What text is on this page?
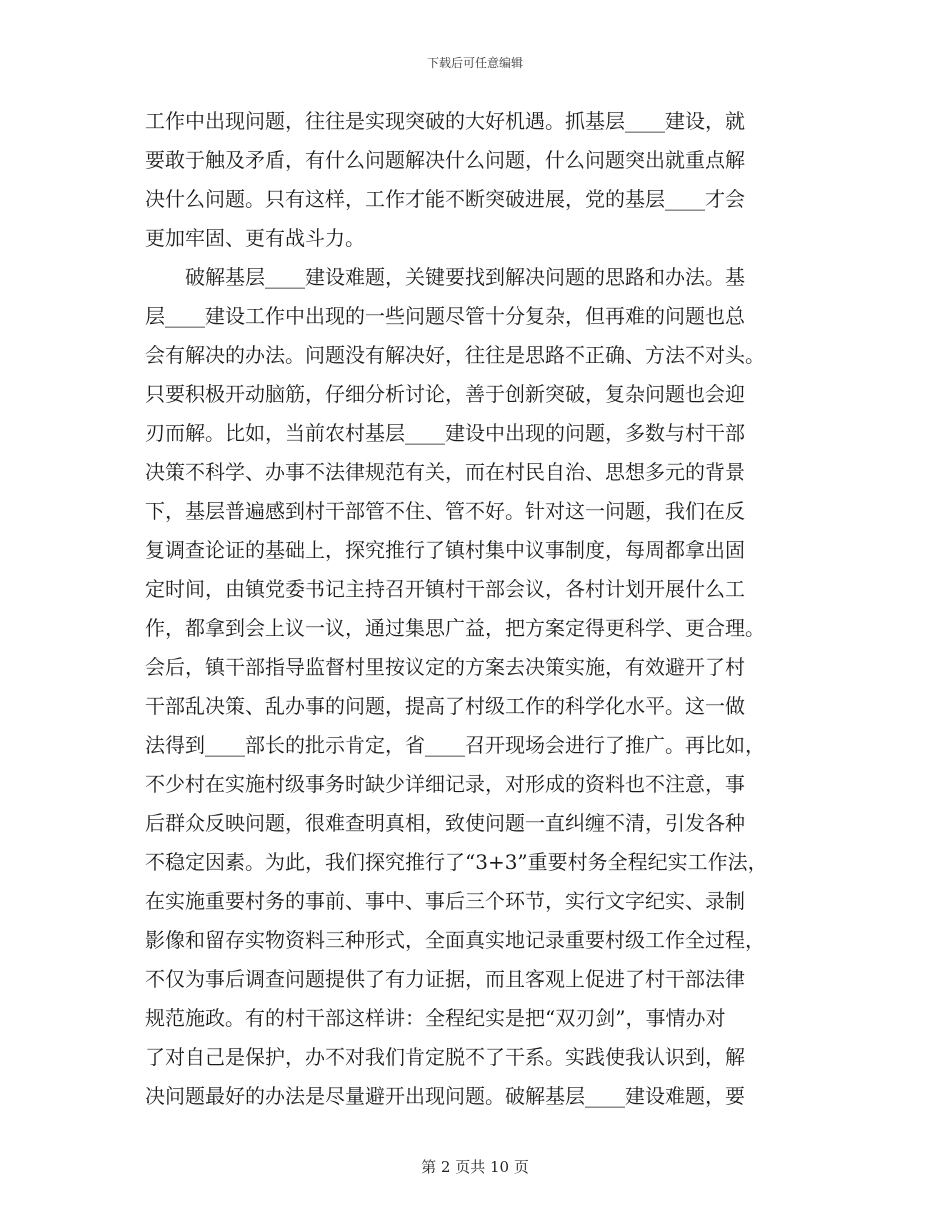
下载后可任意编辑
工作中出现问题，往往是实现突破的大好机遇。抓基层____建设，就
要敢于触及矛盾，有什么问题解决什么问题，什么问题突出就重点解
决什么问题。只有这样，工作才能不断突破进展，党的基层____才会
更加牢固、更有战斗力。
破解基层____建设难题，关键要找到解决问题的思路和办法。基
层____建设工作中出现的一些问题尽管十分复杂，但再难的问题也总
会有解决的办法。问题没有解决好，往往是思路不正确、方法不对头。
只要积极开动脑筋，仔细分析讨论，善于创新突破，复杂问题也会迎
刃而解。比如，当前农村基层____建设中出现的问题，多数与村干部
决策不科学、办事不法律规范有关，而在村民自治、思想多元的背景
下，基层普遍感到村干部管不住、管不好。针对这一问题，我们在反
复调查论证的基础上，探究推行了镇村集中议事制度，每周都拿出固
定时间，由镇党委书记主持召开镇村干部会议，各村计划开展什么工
作，都拿到会上议一议，通过集思广益，把方案定得更科学、更合理。
会后，镇干部指导监督村里按议定的方案去决策实施，有效避开了村
干部乱决策、乱办事的问题，提高了村级工作的科学化水平。这一做
法得到____部长的批示肯定，省____召开现场会进行了推广。再比如，
不少村在实施村级事务时缺少详细记录，对形成的资料也不注意，事
后群众反映问题，很难查明真相，致使问题一直纠缠不清，引发各种
不稳定因素。为此，我们探究推行了“3+3”重要村务全程纪实工作法，
在实施重要村务的事前、事中、事后三个环节，实行文字纪实、录制
影像和留存实物资料三种形式，全面真实地记录重要村级工作全过程，
不仅为事后调查问题提供了有力证据，而且客观上促进了村干部法律
规范施政。有的村干部这样讲：全程纪实是把“双刃剑”，事情办对
了对自己是保护，办不对我们肯定脱不了干系。实践使我认识到，解
决问题最好的办法是尽量避开出现问题。破解基层____建设难题，要
第 2 页共 10 页
